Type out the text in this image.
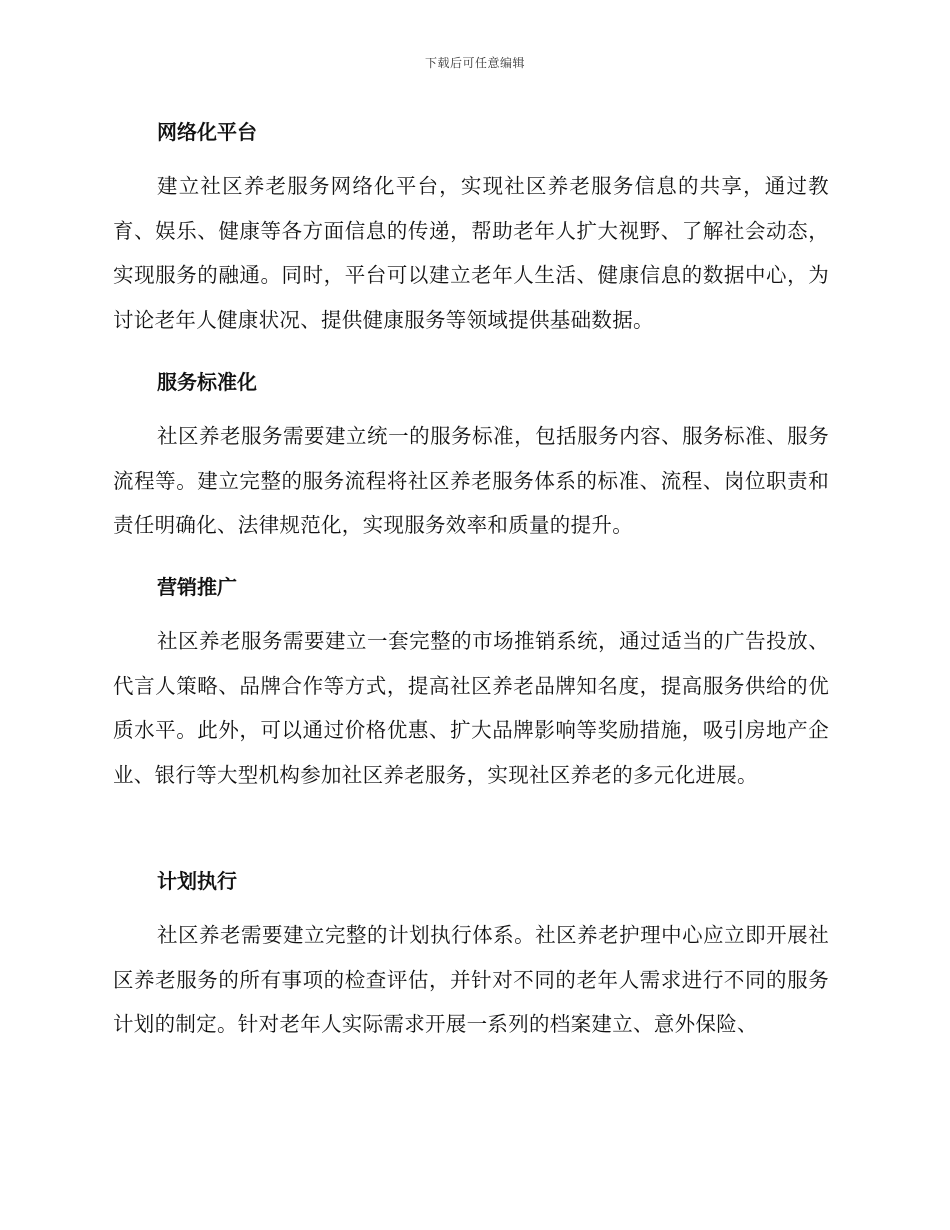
下载后可任意编辑
网络化平台
建立社区养老服务网络化平台，实现社区养老服务信息的共享，通过教育、娱乐、健康等各方面信息的传递，帮助老年人扩大视野、了解社会动态，实现服务的融通。同时，平台可以建立老年人生活、健康信息的数据中心，为讨论老年人健康状况、提供健康服务等领域提供基础数据。
服务标准化
社区养老服务需要建立统一的服务标准，包括服务内容、服务标准、服务流程等。建立完整的服务流程将社区养老服务体系的标准、流程、岗位职责和责任明确化、法律规范化，实现服务效率和质量的提升。
营销推广
社区养老服务需要建立一套完整的市场推销系统，通过适当的广告投放、代言人策略、品牌合作等方式，提高社区养老品牌知名度，提高服务供给的优质水平。此外，可以通过价格优惠、扩大品牌影响等奖励措施，吸引房地产企业、银行等大型机构参加社区养老服务，实现社区养老的多元化进展。
计划执行
社区养老需要建立完整的计划执行体系。社区养老护理中心应立即开展社区养老服务的所有事项的检查评估，并针对不同的老年人需求进行不同的服务计划的制定。针对老年人实际需求开展一系列的档案建立、意外保险、
